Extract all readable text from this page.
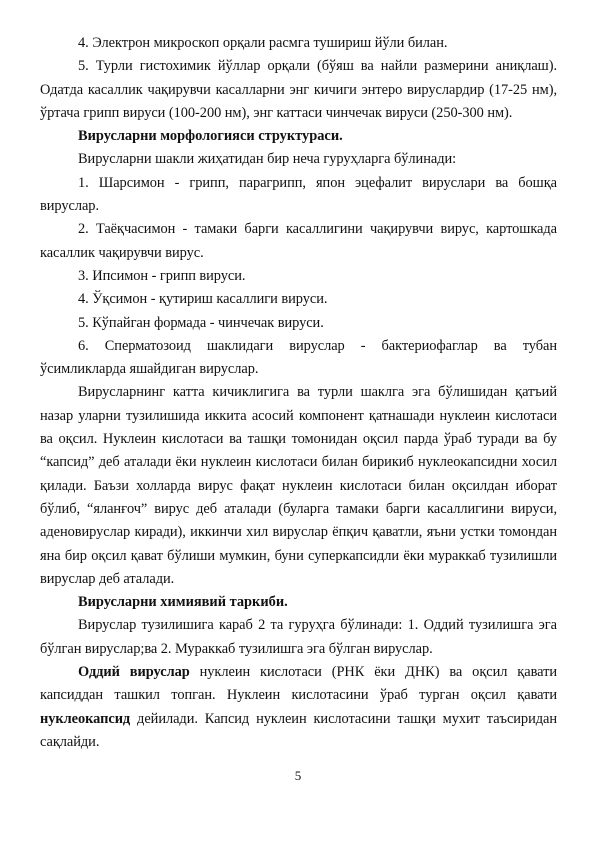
4. Электрон микроскоп орқали расмга тушириш йўли билан.

5. Турли гистохимик йўллар орқали (бўяш ва найли размерини аниқлаш). Одатда касаллик чақирувчи касалларни энг кичиги энтеро вируслардир (17-25 нм), ўртача грипп вируси (100-200 нм), энг каттаси чинчечак вируси (250-300 нм).

Вирусларни морфологияси структураси.

Вирусларни шакли жиҳатидан бир неча гуруҳларга бўлинади:

1. Шарсимон - грипп, парагрипп, япон эцефалит вируслари ва бошқа вируслар.

2. Таёқчасимон - тамаки барги касаллигини чақирувчи вирус, картошкада касаллик чақирувчи вирус.

3. Ипсимон - грипп вируси.

4. Ўқсимон - қутириш касаллиги вируси.

5. Кўпайган формада - чинчечак вируси.

6. Сперматозоид шаклидаги вируслар - бактериофаглар ва тубан ўсимликларда яшайдиган вируслар.

Вирусларнинг катта кичиклигига ва турли шаклга эга бўлишидан қатъий назар уларни тузилишида иккита асосий компонент қатнашади нуклеин кислотаси ва оқсил. Нуклеин кислотаси ва ташқи томонидан оқсил парда ўраб туради ва бу “капсид” деб аталади ёки нуклеин кислотаси билан бирикиб нуклеокапсидни хосил қилади. Баъзи холларда вирус фақат нуклеин кислотаси билан оқсилдан иборат бўлиб, “яланғоч” вирус деб аталади (буларга тамаки барги касаллигини вируси, аденовируслар киради), иккинчи хил вируслар ёпқич қаватли, яъни устки томондан яна бир оқсил қават бўлиши мумкин, буни суперкапсидли ёки мураккаб тузилишли вируслар деб аталади.

Вирусларни химиявий таркиби.

Вируслар тузилишига караб 2 та гуруҳга бўлинади: 1. Оддий тузилишга эга бўлган вируслар;ва 2. Мураккаб тузилишга эга бўлган вируслар.

Оддий вируслар нуклеин кислотаси (РНК ёки ДНК) ва оқсил қавати капсиддан ташкил топган. Нуклеин кислотасини ўраб турган оқсил қавати нуклеокапсид дейилади. Капсид нуклеин кислотасини ташқи мухит таъсиридан сақлайди.

5
